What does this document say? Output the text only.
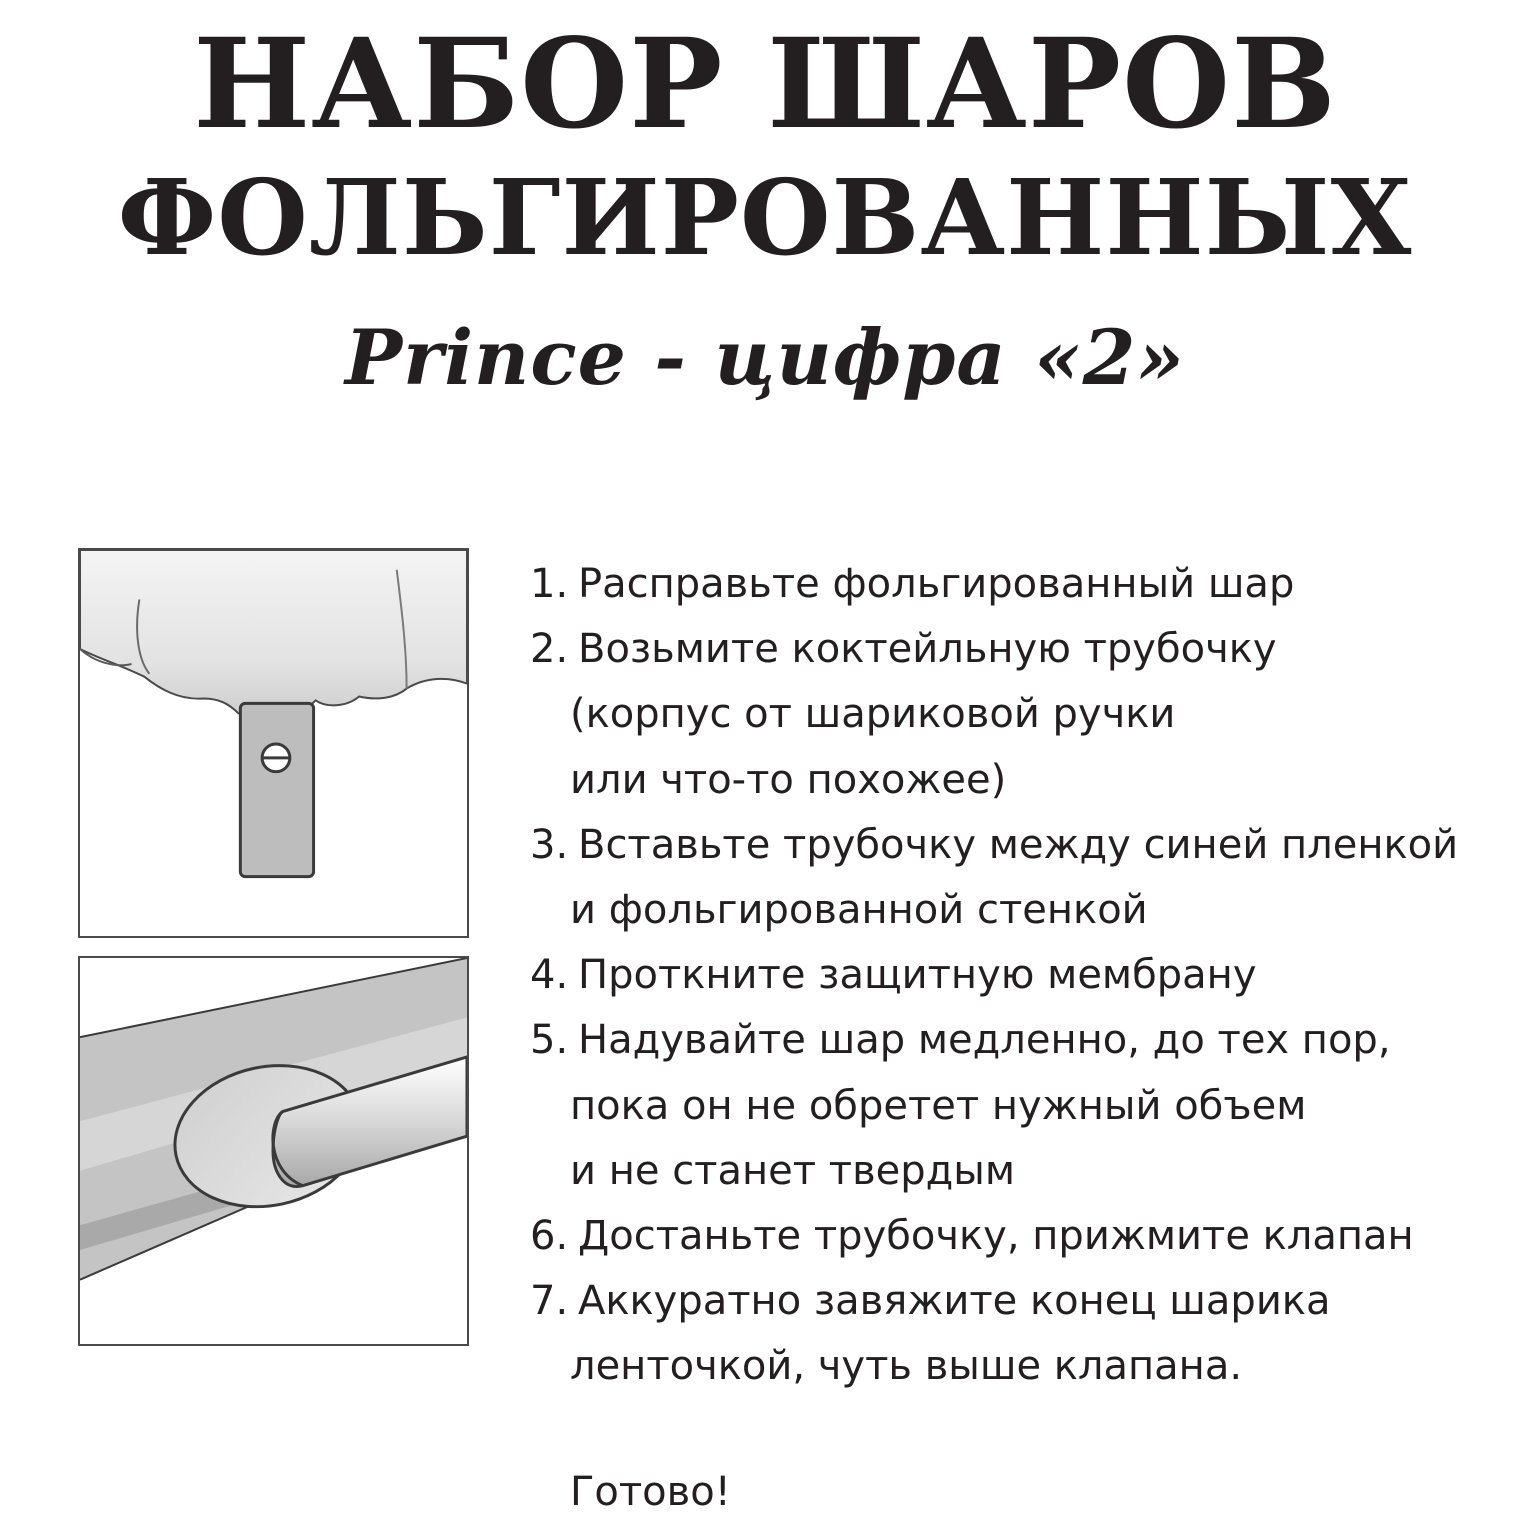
НАБОР ШАРОВ
ФОЛЬГИРОВАННЫХ
Prince - цифра «2»
1. Расправьте фольгированный шар
2. Возьмите коктейльную трубочку
(корпус от шариковой ручки
или что-то похожее)
3. Вставьте трубочку между синей пленкой
и фольгированной стенкой
4. Проткните защитную мембрану
5. Надувайте шар медленно, до тех пор,
пока он не обретет нужный объем
и не станет твердым
6. Достаньте трубочку, прижмите клапан
7. Аккуратно завяжите конец шарика
ленточкой, чуть выше клапана.

Готово!
